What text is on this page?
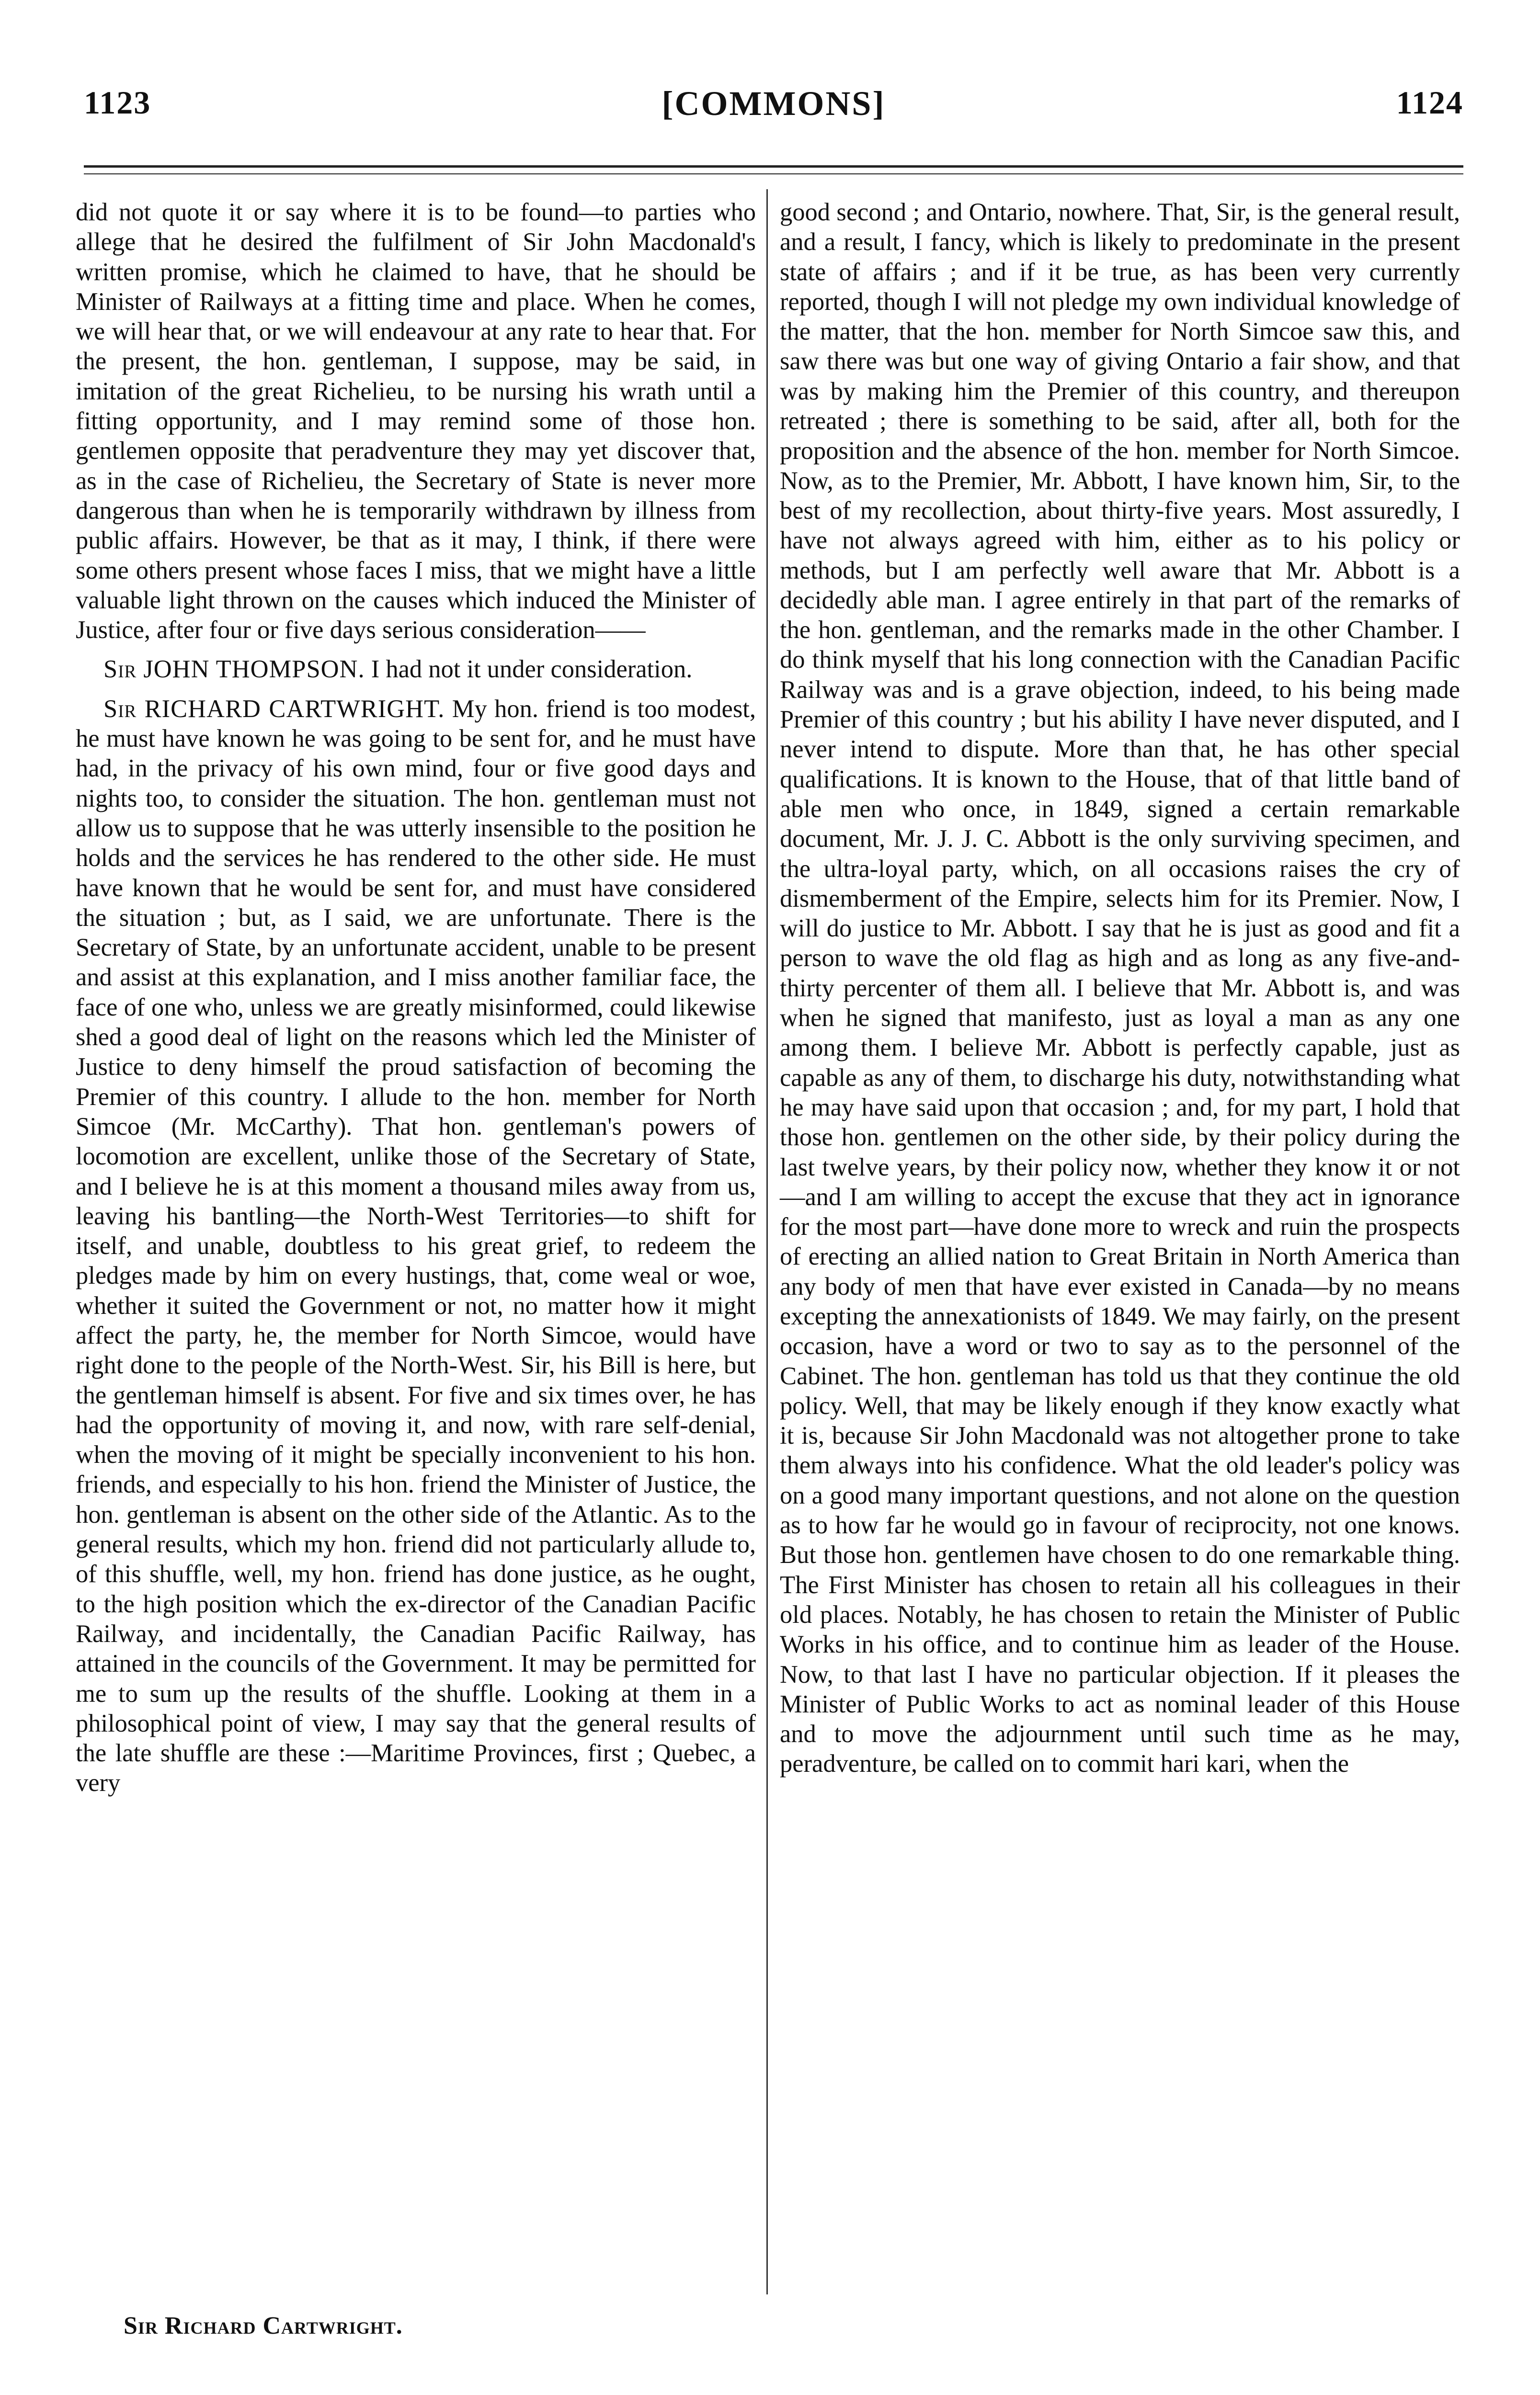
1123	[COMMONS]	1124

did not quote it or say where it is to be found—to parties who allege that he desired the fulfilment of Sir John Macdonald's written promise, which he claimed to have, that he should be Minister of Railways at a fitting time and place. When he comes, we will hear that, or we will endeavour at any rate to hear that. For the present, the hon. gentleman, I suppose, may be said, in imitation of the great Richelieu, to be nursing his wrath until a fitting opportunity, and I may remind some of those hon. gentlemen opposite that peradventure they may yet discover that, as in the case of Richelieu, the Secretary of State is never more dangerous than when he is temporarily withdrawn by illness from public affairs. However, be that as it may, I think, if there were some others present whose faces I miss, that we might have a little valuable light thrown on the causes which induced the Minister of Justice, after four or five days serious consideration——

Sir JOHN THOMPSON. I had not it under consideration.

Sir RICHARD CARTWRIGHT. My hon. friend is too modest, he must have known he was going to be sent for, and he must have had, in the privacy of his own mind, four or five good days and nights too, to consider the situation. The hon. gentleman must not allow us to suppose that he was utterly insensible to the position he holds and the services he has rendered to the other side. He must have known that he would be sent for, and must have considered the situation ; but, as I said, we are unfortunate. There is the Secretary of State, by an unfortunate accident, unable to be present and assist at this explanation, and I miss another familiar face, the face of one who, unless we are greatly misinformed, could likewise shed a good deal of light on the reasons which led the Minister of Justice to deny himself the proud satisfaction of becoming the Premier of this country. I allude to the hon. member for North Simcoe (Mr. McCarthy). That hon. gentleman's powers of locomotion are excellent, unlike those of the Secretary of State, and I believe he is at this moment a thousand miles away from us, leaving his bantling—the North-West Territories—to shift for itself, and unable, doubtless to his great grief, to redeem the pledges made by him on every hustings, that, come weal or woe, whether it suited the Government or not, no matter how it might affect the party, he, the member for North Simcoe, would have right done to the people of the North-West. Sir, his Bill is here, but the gentleman himself is absent. For five and six times over, he has had the opportunity of moving it, and now, with rare self-denial, when the moving of it might be specially inconvenient to his hon. friends, and especially to his hon. friend the Minister of Justice, the hon. gentleman is absent on the other side of the Atlantic. As to the general results, which my hon. friend did not particularly allude to, of this shuffle, well, my hon. friend has done justice, as he ought, to the high position which the ex-director of the Canadian Pacific Railway, and incidentally, the Canadian Pacific Railway, has attained in the councils of the Government. It may be permitted for me to sum up the results of the shuffle. Looking at them in a philosophical point of view, I may say that the general results of the late shuffle are these :—Maritime Provinces, first ; Quebec, a very

good second ; and Ontario, nowhere. That, Sir, is the general result, and a result, I fancy, which is likely to predominate in the present state of affairs ; and if it be true, as has been very currently reported, though I will not pledge my own individual knowledge of the matter, that the hon. member for North Simcoe saw this, and saw there was but one way of giving Ontario a fair show, and that was by making him the Premier of this country, and thereupon retreated ; there is something to be said, after all, both for the proposition and the absence of the hon. member for North Simcoe. Now, as to the Premier, Mr. Abbott, I have known him, Sir, to the best of my recollection, about thirty-five years. Most assuredly, I have not always agreed with him, either as to his policy or methods, but I am perfectly well aware that Mr. Abbott is a decidedly able man. I agree entirely in that part of the remarks of the hon. gentleman, and the remarks made in the other Chamber. I do think myself that his long connection with the Canadian Pacific Railway was and is a grave objection, indeed, to his being made Premier of this country ; but his ability I have never disputed, and I never intend to dispute. More than that, he has other special qualifications. It is known to the House, that of that little band of able men who once, in 1849, signed a certain remarkable document, Mr. J. J. C. Abbott is the only surviving specimen, and the ultra-loyal party, which, on all occasions raises the cry of dismemberment of the Empire, selects him for its Premier. Now, I will do justice to Mr. Abbott. I say that he is just as good and fit a person to wave the old flag as high and as long as any five-and-thirty percenter of them all. I believe that Mr. Abbott is, and was when he signed that manifesto, just as loyal a man as any one among them. I believe Mr. Abbott is perfectly capable, just as capable as any of them, to discharge his duty, notwithstanding what he may have said upon that occasion ; and, for my part, I hold that those hon. gentlemen on the other side, by their policy during the last twelve years, by their policy now, whether they know it or not—and I am willing to accept the excuse that they act in ignorance for the most part—have done more to wreck and ruin the prospects of erecting an allied nation to Great Britain in North America than any body of men that have ever existed in Canada—by no means excepting the annexationists of 1849. We may fairly, on the present occasion, have a word or two to say as to the personnel of the Cabinet. The hon. gentleman has told us that they continue the old policy. Well, that may be likely enough if they know exactly what it is, because Sir John Macdonald was not altogether prone to take them always into his confidence. What the old leader's policy was on a good many important questions, and not alone on the question as to how far he would go in favour of reciprocity, not one knows. But those hon. gentlemen have chosen to do one remarkable thing. The First Minister has chosen to retain all his colleagues in their old places. Notably, he has chosen to retain the Minister of Public Works in his office, and to continue him as leader of the House. Now, to that last I have no particular objection. If it pleases the Minister of Public Works to act as nominal leader of this House and to move the adjournment until such time as he may, peradventure, be called on to commit hari kari, when the

Sir Richard Cartwright.
